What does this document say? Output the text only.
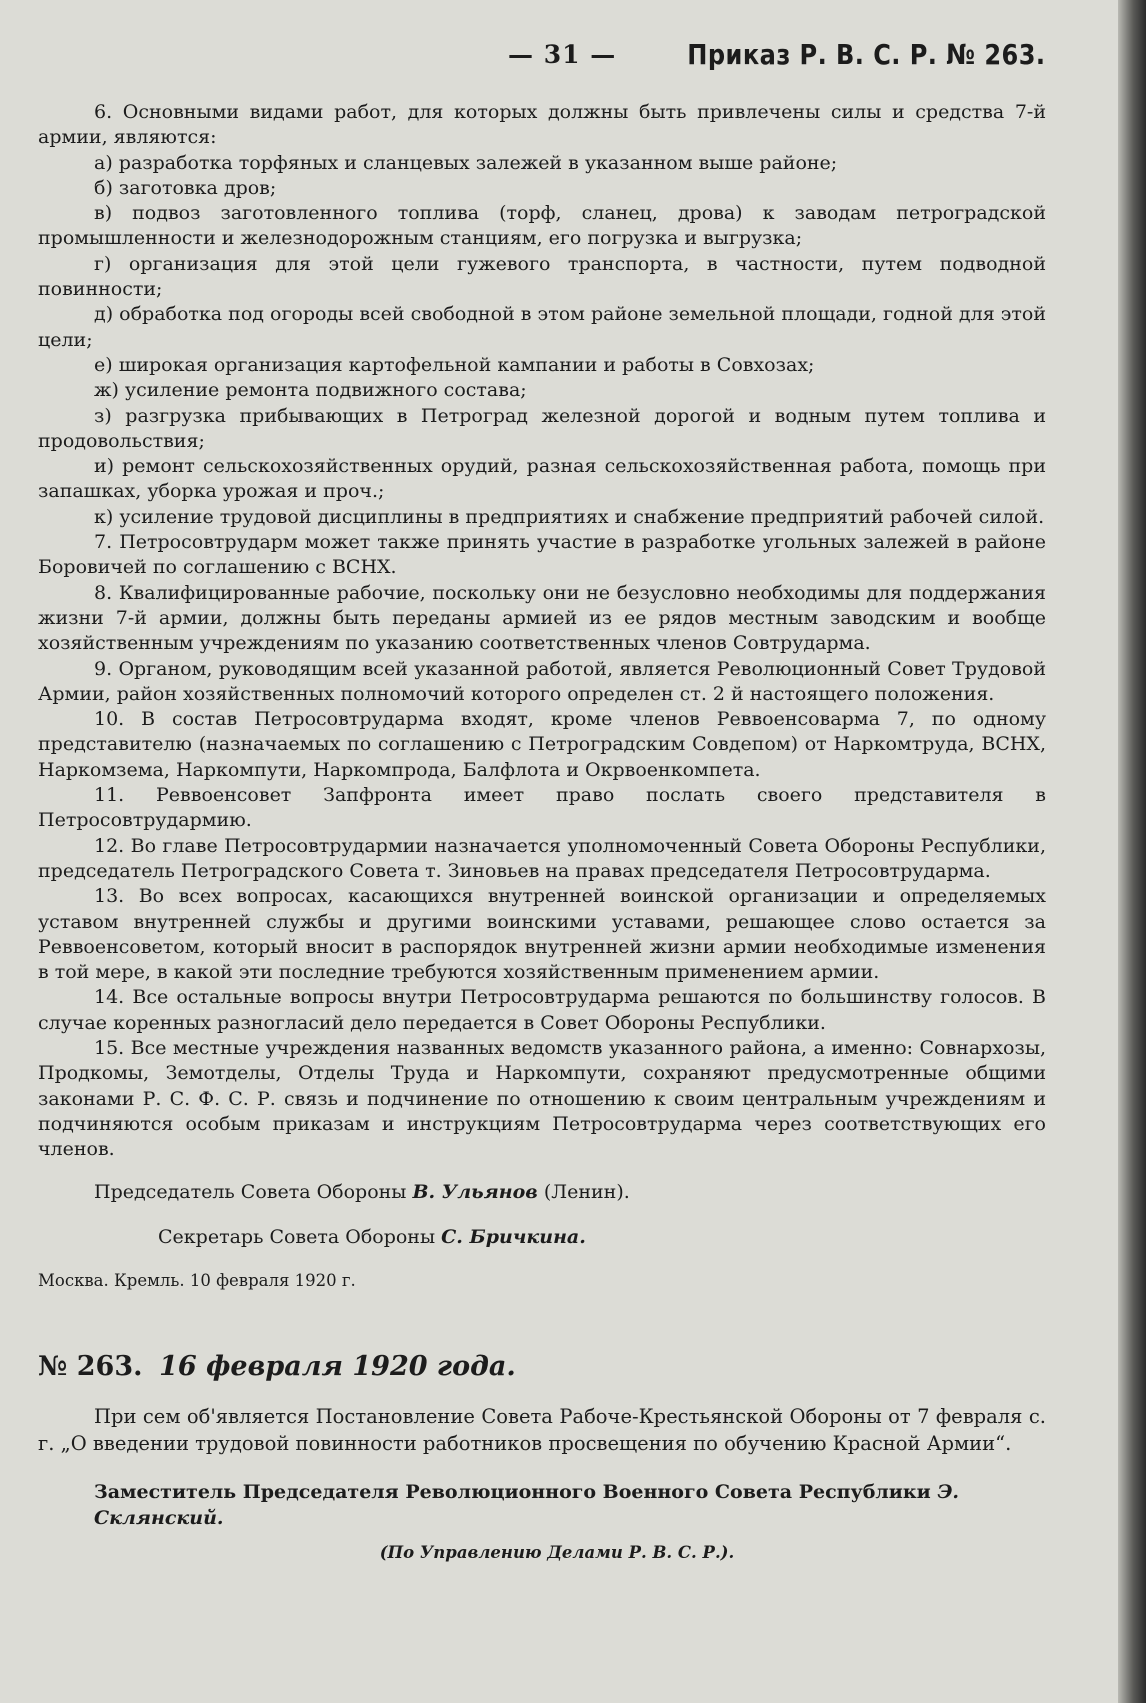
— 31 —	Приказ Р. В. С. Р. № 263.

6. Основными видами работ, для которых должны быть привлечены силы и средства 7-й армии, являются:

а) разработка торфяных и сланцевых залежей в указанном выше районе;

б) заготовка дров;

в) подвоз заготовленного топлива (торф, сланец, дрова) к заводам петроградской промышленности и железнодорожным станциям, его погрузка и выгрузка;

г) организация для этой цели гужевого транспорта, в частности, путем подводной повинности;

д) обработка под огороды всей свободной в этом районе земельной площади, годной для этой цели;

е) широкая организация картофельной кампании и работы в Совхозах;

ж) усиление ремонта подвижного состава;

з) разгрузка прибывающих в Петроград железной дорогой и водным путем топлива и продовольствия;

и) ремонт сельскохозяйственных орудий, разная сельскохозяйственная работа, помощь при запашках, уборка урожая и проч.;

к) усиление трудовой дисциплины в предприятиях и снабжение предприятий рабочей силой.

7. Петросовтрударм может также принять участие в разработке угольных залежей в районе Боровичей по соглашению с ВСНХ.

8. Квалифицированные рабочие, поскольку они не безусловно необходимы для поддержания жизни 7-й армии, должны быть переданы армией из ее рядов местным заводским и вообще хозяйственным учреждениям по указанию соответственных членов Совтрударма.

9. Органом, руководящим всей указанной работой, является Революционный Совет Трудовой Армии, район хозяйственных полномочий которого определен ст. 2 й настоящего положения.

10. В состав Петросовтрударма входят, кроме членов Реввоенсоварма 7, по одному представителю (назначаемых по соглашению с Петроградским Совдепом) от Наркомтруда, ВСНХ, Наркомзема, Наркомпути, Наркомпрода, Балфлота и Окрвоенкомпета.

11. Реввоенсовет Запфронта имеет право послать своего представителя в Петросовтрудармию.

12. Во главе Петросовтрудармии назначается уполномоченный Совета Обороны Республики, председатель Петроградского Совета т. Зиновьев на правах председателя Петросовтрударма.

13. Во всех вопросах, касающихся внутренней воинской организации и определяемых уставом внутренней службы и другими воинскими уставами, решающее слово остается за Реввоенсоветом, который вносит в распорядок внутренней жизни армии необходимые изменения в той мере, в какой эти последние требуются хозяйственным применением армии.

14. Все остальные вопросы внутри Петросовтрударма решаются по большинству голосов. В случае коренных разногласий дело передается в Совет Обороны Республики.

15. Все местные учреждения названных ведомств указанного района, а именно: Совнархозы, Продкомы, Земотделы, Отделы Труда и Наркомпути, сохраняют предусмотренные общими законами Р. С. Ф. С. Р. связь и подчинение по отношению к своим центральным учреждениям и подчиняются особым приказам и инструкциям Петросовтрударма через соответствующих его членов.

Председатель Совета Обороны В. Ульянов (Ленин).
Секретарь Совета Обороны С. Бричкина.
Москва. Кремль. 10 февраля 1920 г.
№ 263. 16 февраля 1920 года.

При сем об'является Постановление Совета Рабоче-Крестьянской Обороны от 7 февраля с. г. „О введении трудовой повинности работников просвещения по обучению Красной Армии“.

Заместитель Председателя Революционного Военного Совета Республики Э. Склянский.
(По Управлению Делами Р. В. С. Р.).
